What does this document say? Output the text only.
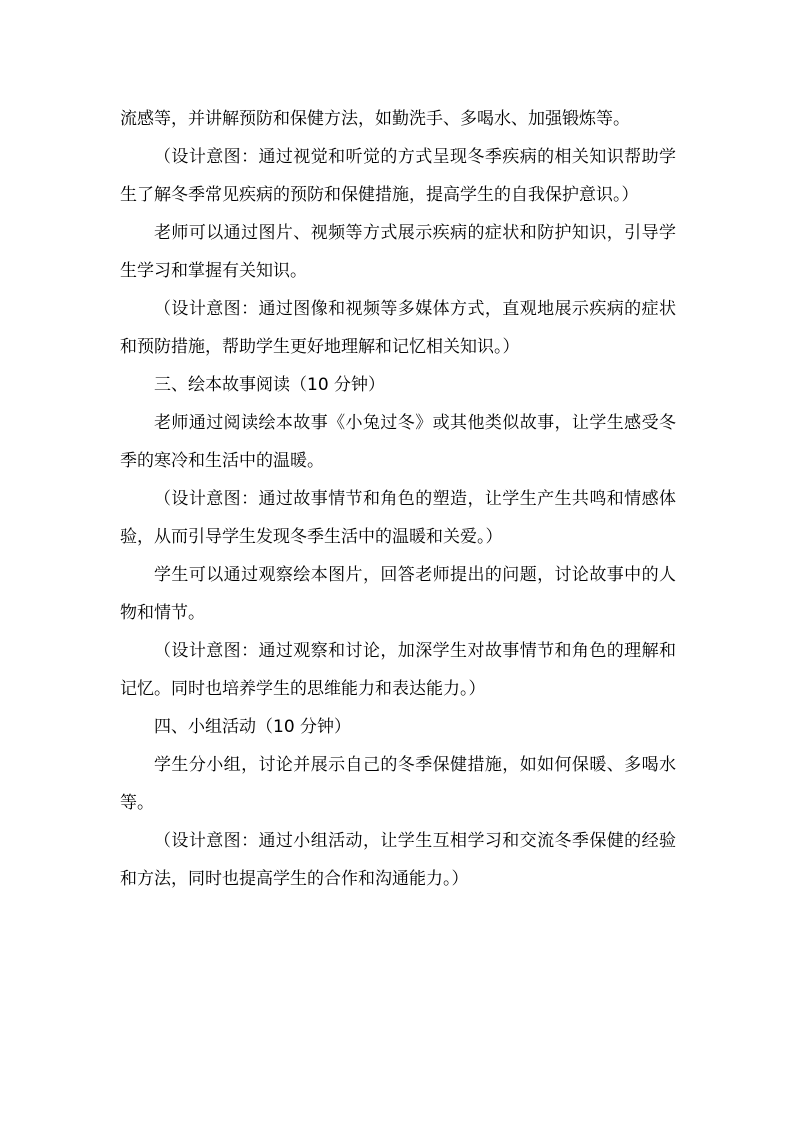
流感等，并讲解预防和保健方法，如勤洗手、多喝水、加强锻炼等。

（设计意图：通过视觉和听觉的方式呈现冬季疾病的相关知识帮助学生了解冬季常见疾病的预防和保健措施，提高学生的自我保护意识。）

老师可以通过图片、视频等方式展示疾病的症状和防护知识，引导学生学习和掌握有关知识。

（设计意图：通过图像和视频等多媒体方式，直观地展示疾病的症状和预防措施，帮助学生更好地理解和记忆相关知识。）

三、绘本故事阅读（10 分钟）

老师通过阅读绘本故事《小兔过冬》或其他类似故事，让学生感受冬季的寒冷和生活中的温暖。

（设计意图：通过故事情节和角色的塑造，让学生产生共鸣和情感体验，从而引导学生发现冬季生活中的温暖和关爱。）

学生可以通过观察绘本图片，回答老师提出的问题，讨论故事中的人物和情节。

（设计意图：通过观察和讨论，加深学生对故事情节和角色的理解和记忆。同时也培养学生的思维能力和表达能力。）

四、小组活动（10 分钟）

学生分小组，讨论并展示自己的冬季保健措施，如如何保暖、多喝水等。

（设计意图：通过小组活动，让学生互相学习和交流冬季保健的经验和方法，同时也提高学生的合作和沟通能力。）
